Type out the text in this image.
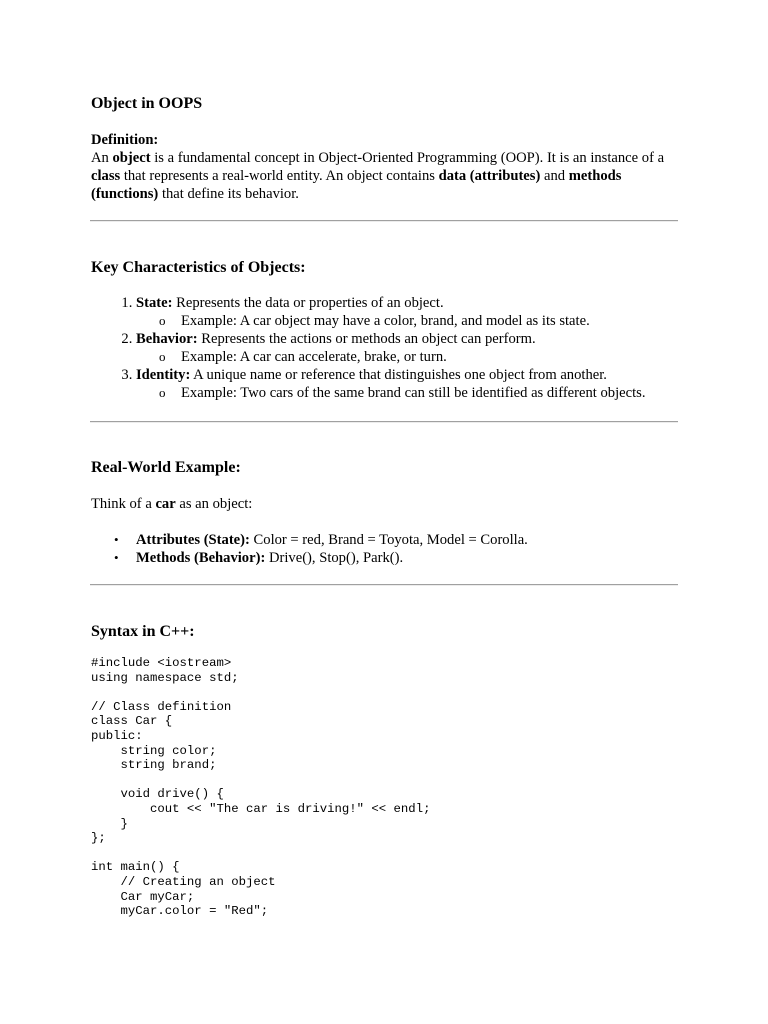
Object in OOPS

Definition:

An object is a fundamental concept in Object-Oriented Programming (OOP). It is an instance of a class that represents a real-world entity. An object contains data (attributes) and methods (functions) that define its behavior.

Key Characteristics of Objects:
1. State: Represents the data or properties of an object.
o Example: A car object may have a color, brand, and model as its state.
2. Behavior: Represents the actions or methods an object can perform.
o Example: A car can accelerate, brake, or turn.
3. Identity: A unique name or reference that distinguishes one object from another.
o Example: Two cars of the same brand can still be identified as different objects.
Real-World Example:

Think of a car as an object:

• Attributes (State): Color = red, Brand = Toyota, Model = Corolla.
• Methods (Behavior): Drive(), Stop(), Park().
Syntax in C++:
#include <iostream>
using namespace std;

// Class definition
class Car {
public:
string color;
string brand;

void drive() {
cout << "The car is driving!" << endl;
}
};

int main() {
// Creating an object
Car myCar;
myCar.color = "Red";
